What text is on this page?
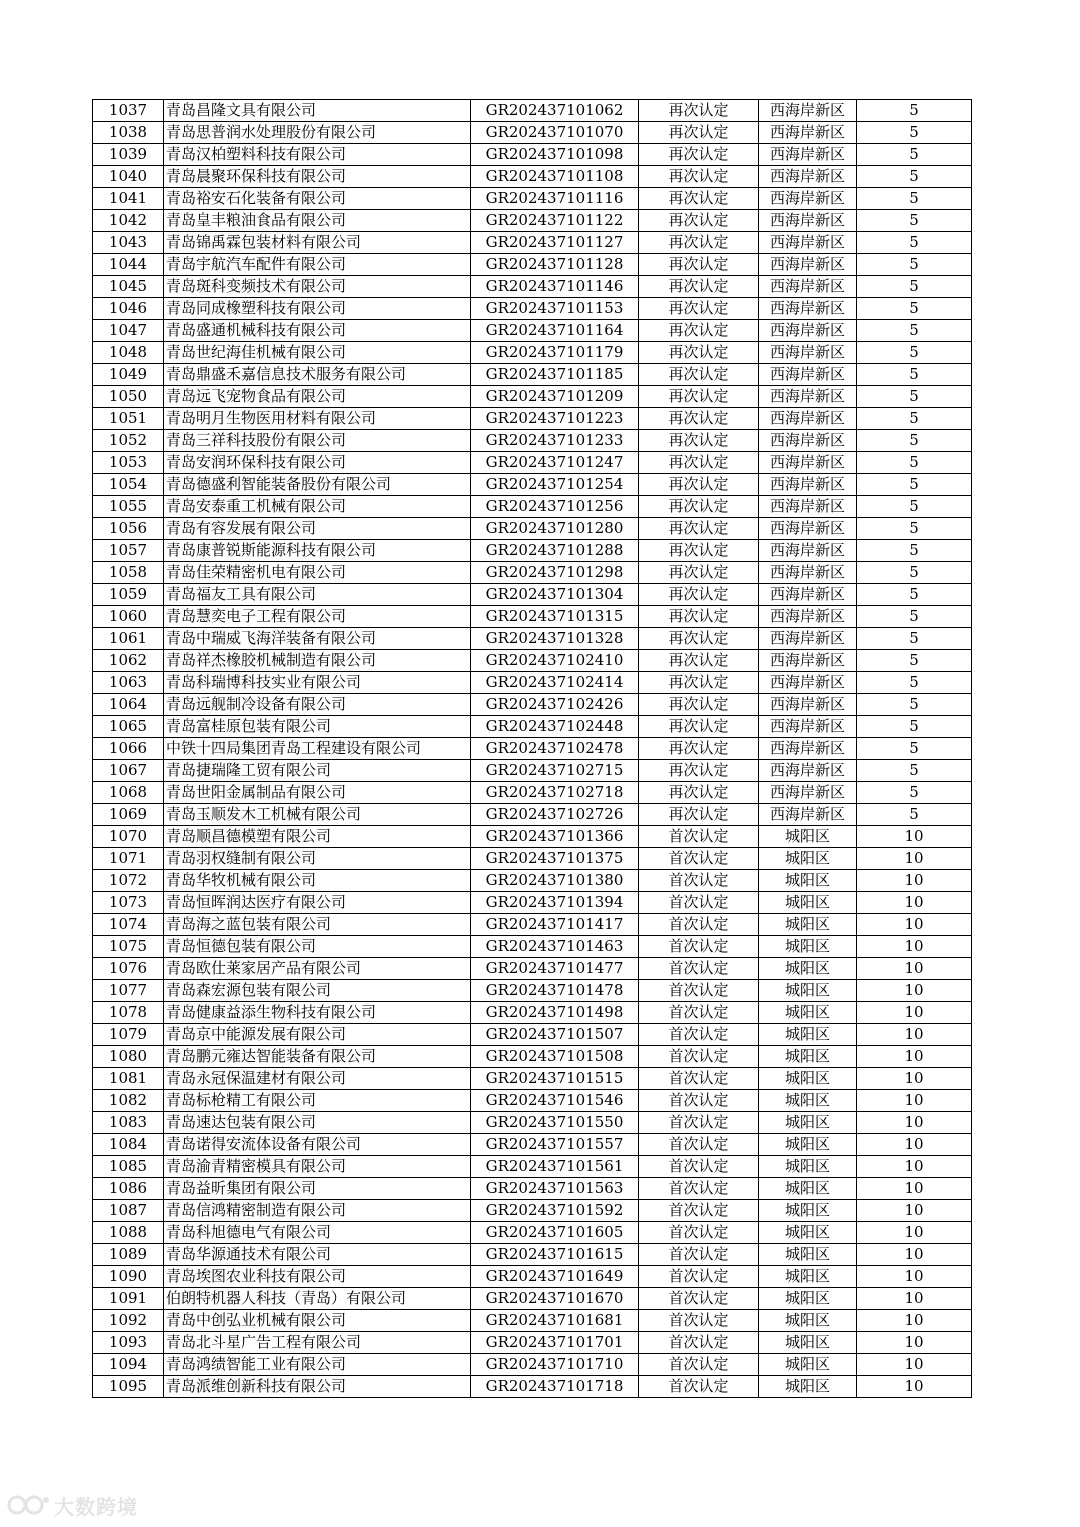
1037	青岛昌隆文具有限公司	GR202437101062	再次认定	西海岸新区	5
1038	青岛思普润水处理股份有限公司	GR202437101070	再次认定	西海岸新区	5
1039	青岛汉柏塑料科技有限公司	GR202437101098	再次认定	西海岸新区	5
1040	青岛晨聚环保科技有限公司	GR202437101108	再次认定	西海岸新区	5
1041	青岛裕安石化装备有限公司	GR202437101116	再次认定	西海岸新区	5
1042	青岛皇丰粮油食品有限公司	GR202437101122	再次认定	西海岸新区	5
1043	青岛锦禹霖包装材料有限公司	GR202437101127	再次认定	西海岸新区	5
1044	青岛宇航汽车配件有限公司	GR202437101128	再次认定	西海岸新区	5
1045	青岛斑科变频技术有限公司	GR202437101146	再次认定	西海岸新区	5
1046	青岛同成橡塑科技有限公司	GR202437101153	再次认定	西海岸新区	5
1047	青岛盛通机械科技有限公司	GR202437101164	再次认定	西海岸新区	5
1048	青岛世纪海佳机械有限公司	GR202437101179	再次认定	西海岸新区	5
1049	青岛鼎盛禾嘉信息技术服务有限公司	GR202437101185	再次认定	西海岸新区	5
1050	青岛远飞宠物食品有限公司	GR202437101209	再次认定	西海岸新区	5
1051	青岛明月生物医用材料有限公司	GR202437101223	再次认定	西海岸新区	5
1052	青岛三祥科技股份有限公司	GR202437101233	再次认定	西海岸新区	5
1053	青岛安润环保科技有限公司	GR202437101247	再次认定	西海岸新区	5
1054	青岛德盛利智能装备股份有限公司	GR202437101254	再次认定	西海岸新区	5
1055	青岛安泰重工机械有限公司	GR202437101256	再次认定	西海岸新区	5
1056	青岛有容发展有限公司	GR202437101280	再次认定	西海岸新区	5
1057	青岛康普锐斯能源科技有限公司	GR202437101288	再次认定	西海岸新区	5
1058	青岛佳荣精密机电有限公司	GR202437101298	再次认定	西海岸新区	5
1059	青岛福友工具有限公司	GR202437101304	再次认定	西海岸新区	5
1060	青岛慧奕电子工程有限公司	GR202437101315	再次认定	西海岸新区	5
1061	青岛中瑞威飞海洋装备有限公司	GR202437101328	再次认定	西海岸新区	5
1062	青岛祥杰橡胶机械制造有限公司	GR202437102410	再次认定	西海岸新区	5
1063	青岛科瑞博科技实业有限公司	GR202437102414	再次认定	西海岸新区	5
1064	青岛远舰制冷设备有限公司	GR202437102426	再次认定	西海岸新区	5
1065	青岛富桂原包装有限公司	GR202437102448	再次认定	西海岸新区	5
1066	中铁十四局集团青岛工程建设有限公司	GR202437102478	再次认定	西海岸新区	5
1067	青岛捷瑞隆工贸有限公司	GR202437102715	再次认定	西海岸新区	5
1068	青岛世阳金属制品有限公司	GR202437102718	再次认定	西海岸新区	5
1069	青岛玉顺发木工机械有限公司	GR202437102726	再次认定	西海岸新区	5
1070	青岛顺昌德模塑有限公司	GR202437101366	首次认定	城阳区	10
1071	青岛羽权缝制有限公司	GR202437101375	首次认定	城阳区	10
1072	青岛华牧机械有限公司	GR202437101380	首次认定	城阳区	10
1073	青岛恒晖润达医疗有限公司	GR202437101394	首次认定	城阳区	10
1074	青岛海之蓝包装有限公司	GR202437101417	首次认定	城阳区	10
1075	青岛恒德包装有限公司	GR202437101463	首次认定	城阳区	10
1076	青岛欧仕莱家居产品有限公司	GR202437101477	首次认定	城阳区	10
1077	青岛森宏源包装有限公司	GR202437101478	首次认定	城阳区	10
1078	青岛健康益添生物科技有限公司	GR202437101498	首次认定	城阳区	10
1079	青岛京中能源发展有限公司	GR202437101507	首次认定	城阳区	10
1080	青岛鹏元雍达智能装备有限公司	GR202437101508	首次认定	城阳区	10
1081	青岛永冠保温建材有限公司	GR202437101515	首次认定	城阳区	10
1082	青岛标枪精工有限公司	GR202437101546	首次认定	城阳区	10
1083	青岛速达包装有限公司	GR202437101550	首次认定	城阳区	10
1084	青岛诺得安流体设备有限公司	GR202437101557	首次认定	城阳区	10
1085	青岛渝青精密模具有限公司	GR202437101561	首次认定	城阳区	10
1086	青岛益昕集团有限公司	GR202437101563	首次认定	城阳区	10
1087	青岛信鸿精密制造有限公司	GR202437101592	首次认定	城阳区	10
1088	青岛科旭德电气有限公司	GR202437101605	首次认定	城阳区	10
1089	青岛华源通技术有限公司	GR202437101615	首次认定	城阳区	10
1090	青岛埃图农业科技有限公司	GR202437101649	首次认定	城阳区	10
1091	伯朗特机器人科技（青岛）有限公司	GR202437101670	首次认定	城阳区	10
1092	青岛中创弘业机械有限公司	GR202437101681	首次认定	城阳区	10
1093	青岛北斗星广告工程有限公司	GR202437101701	首次认定	城阳区	10
1094	青岛鸿绩智能工业有限公司	GR202437101710	首次认定	城阳区	10
1095	青岛派维创新科技有限公司	GR202437101718	首次认定	城阳区	10
大数跨境
